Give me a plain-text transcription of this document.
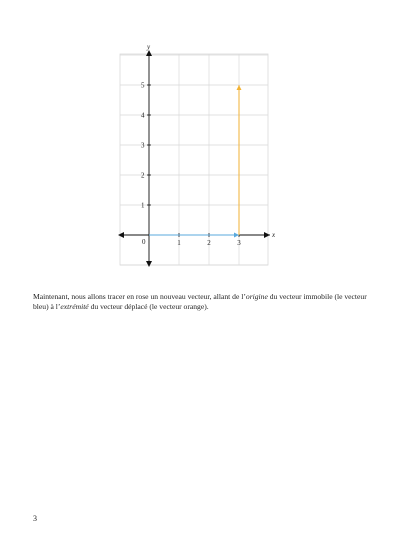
x
y
0	1	2	3
1
2
3
4
5

Maintenant, nous allons tracer en rose un nouveau vecteur, allant de l’origine du vecteur immobile (le vecteur bleu) à l’extrémité du vecteur déplacé (le vecteur orange).

3
